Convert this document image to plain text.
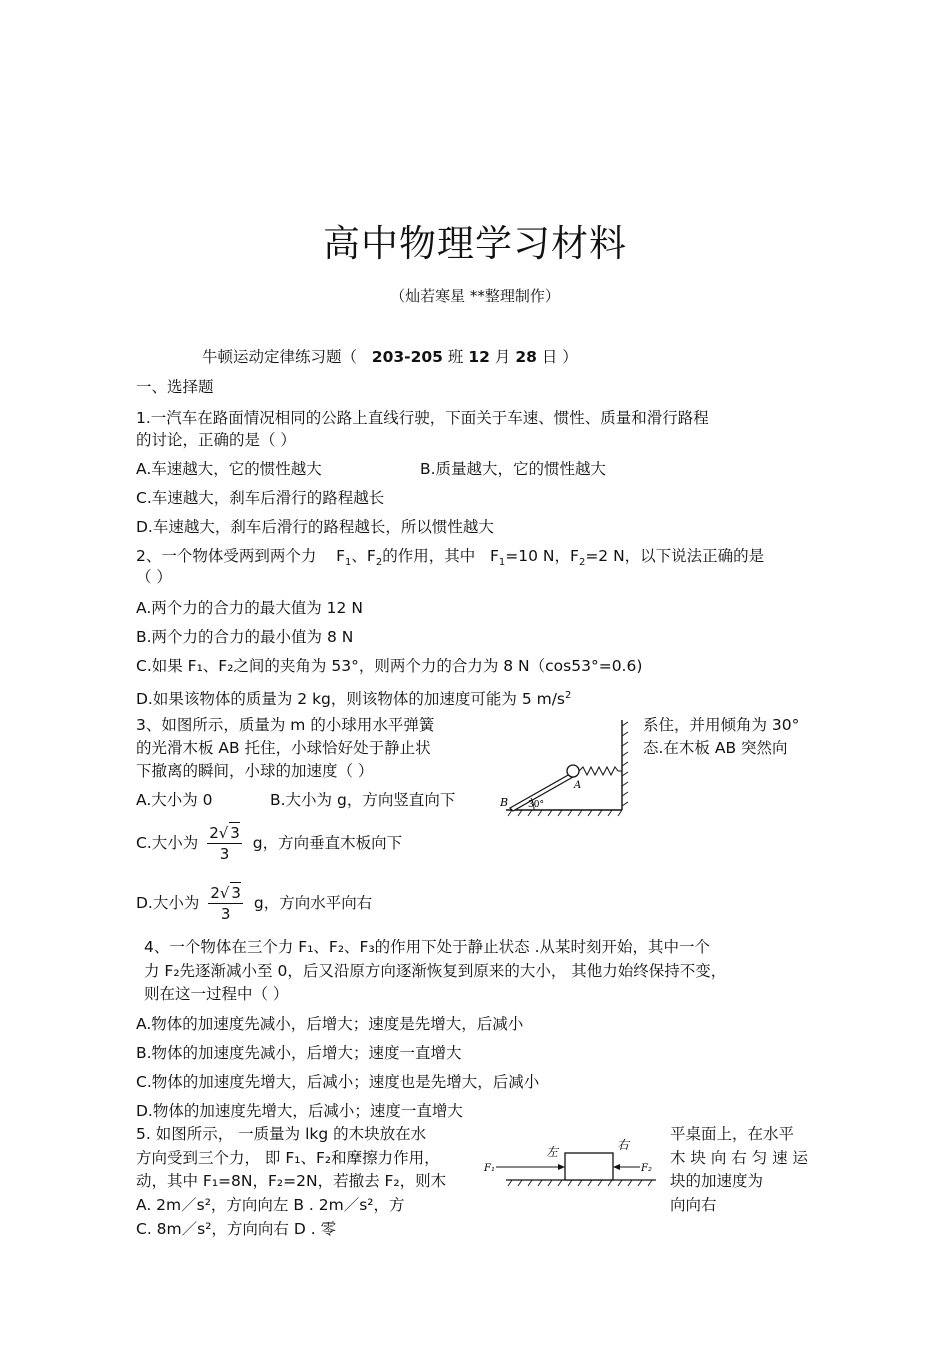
高中物理学习材料
（灿若寒星 **整理制作）
牛顿运动定律练习题（ 203-205 班 12 月 28 日 ）
一、选择题
1.一汽车在路面情况相同的公路上直线行驶，下面关于车速、惯性、质量和滑行路程
的讨论，正确的是（ ）
A.车速越大，它的惯性越大	B.质量越大，它的惯性越大
C.车速越大，刹车后滑行的路程越长
D.车速越大，刹车后滑行的路程越长，所以惯性越大
2、一个物体受两到两个力 $F_1$、$F_2$的作用，其中 $F_1=10$ N，$F_2=2$ N，以下说法正确的是
（ ）
A.两个力的合力的最大值为 12 N
B.两个力的合力的最小值为 8 N
C.如果 F₁、F₂之间的夹角为 53°，则两个力的合力为 8 N（cos53°=0.6)
D.如果该物体的质量为 2 kg，则该物体的加速度可能为 5 $m/s^2$
3、如图所示，质量为 m 的小球用水平弹簧	系住，并用倾角为 30°
的光滑木板 AB 托住，小球恰好处于静止状	态.在木板 AB 突然向
下撤离的瞬间，小球的加速度（ ）
B
A
30°
A.大小为 0	B.大小为 g，方向竖直向下
C.大小为 $\frac{2√ 3}{3}$ g，方向垂直木板向下
D.大小为 $\frac{2√ 3}{3}$ g，方向水平向右
4、一个物体在三个力 F₁、F₂、F₃的作用下处于静止状态 .从某时刻开始，其中一个
力 F₂先逐渐减小至 0，后又沿原方向逐渐恢复到原来的大小， 其他力始终保持不变，
则在这一过程中（ ）
A.物体的加速度先减小，后增大；速度是先增大，后减小
B.物体的加速度先减小，后增大；速度一直增大
C.物体的加速度先增大，后减小；速度也是先增大，后减小
D.物体的加速度先增大，后减小；速度一直增大
5. 如图所示， 一质量为 lkg 的木块放在水	平桌面上，在水平
方向受到三个力， 即 F₁、F₂和摩擦力作用，	木 块 向 右 匀 速 运
动，其中 F₁=8N，F₂=2N，若撤去 F₂，则木	块的加速度为
A. 2m／s²，方向向左 B . 2m／s²，方	向向右
C. 8m／s²，方向向右 D . 零
F₁	F₂
左	右
